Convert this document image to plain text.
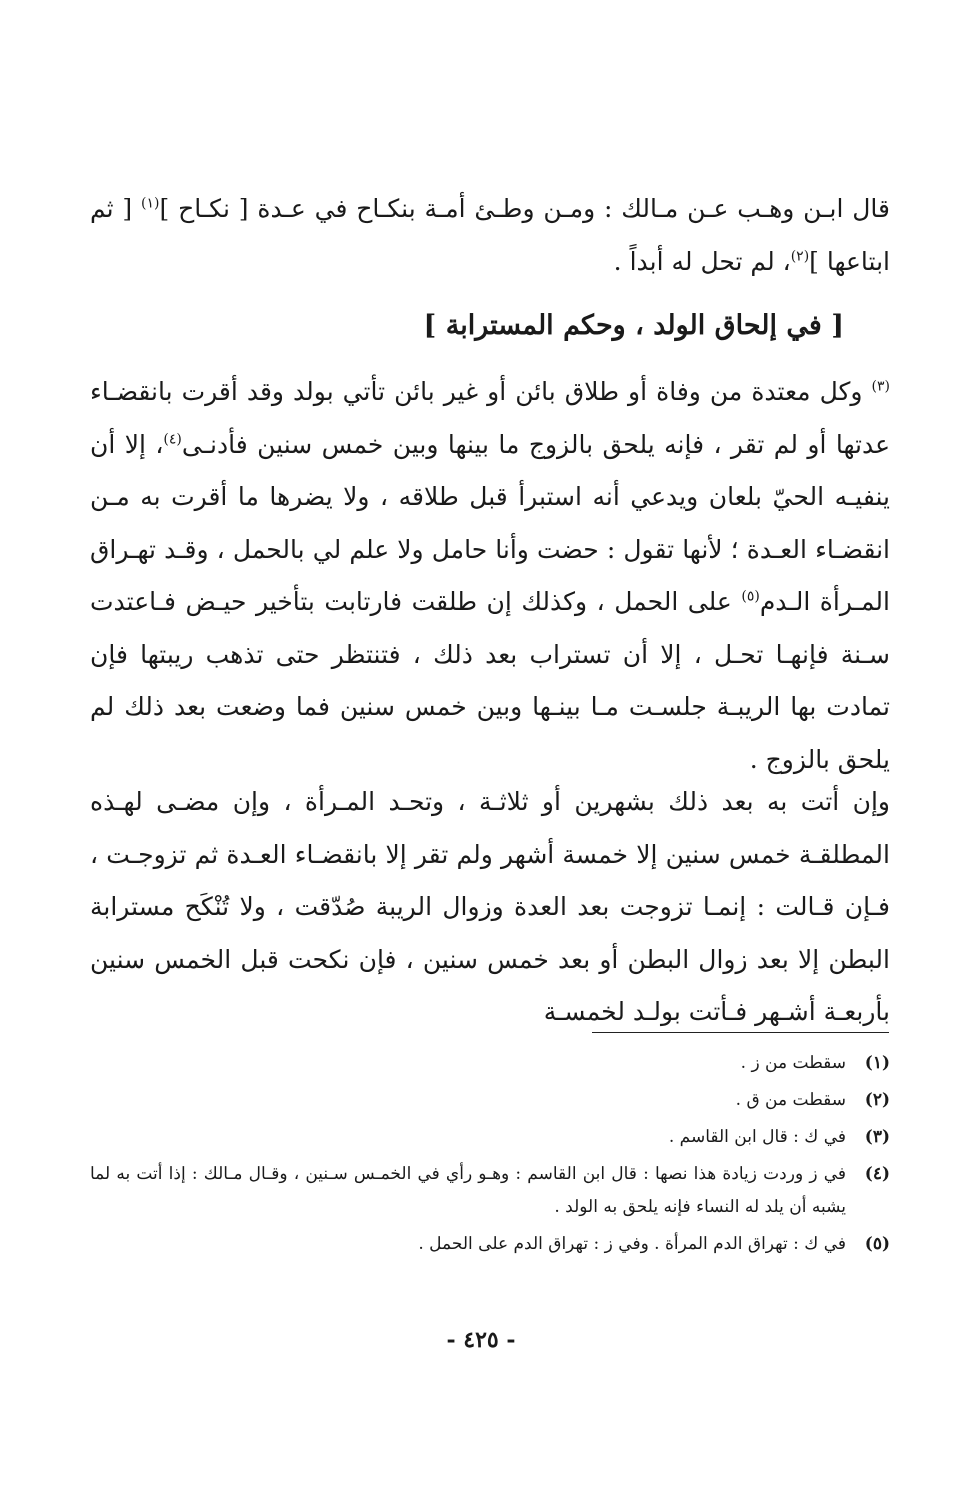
قال ابـن وهـب عـن مـالك : ومـن وطـئ أمـة بنكـاح في عـدة [ نكـاح ]$^{(١)}$ [ ثم ابتاعها ]$^{(٢)}$، لم تحل له أبداً .

[ في إلحاق الولد ، وحكم المسترابة ]

$^{(٣)}$ وكل معتدة من وفاة أو طلاق بائن أو غير بائن تأتي بولد وقد أقرت بانقضـاء عدتها أو لم تقر ، فإنه يلحق بالزوج ما بينها وبين خمس سنين فأدنـى$^{(٤)}$، إلا أن ينفيـه الحيّ بلعان ويدعي أنه استبرأ قبل طلاقه ، ولا يضرها ما أقرت به مـن انقضـاء العـدة ؛ لأنها تقول : حضت وأنا حامل ولا علم لي بالحمل ، وقـد تهـراق المـرأة الـدم$^{(٥)}$ على الحمل ، وكذلك إن طلقت فارتابت بتأخير حيـض فـاعتدت سـنة فإنهـا تحـل ، إلا أن تستراب بعد ذلك ، فتنتظر حتى تذهب ريبتها فإن تمادت بها الريبـة جلسـت مـا بينـها وبين خمس سنين فما وضعت بعد ذلك لم يلحق بالزوج .

وإن أتت به بعد ذلك بشهرين أو ثلاثـة ، وتحـد المـرأة ، وإن مضـى لهـذه المطلقـة خمس سنين إلا خمسة أشهر ولم تقر إلا بانقضـاء العـدة ثم تزوجـت ، فـإن قـالت : إنمـا تزوجت بعد العدة وزوال الريبة صُدّقت ، ولا تُنْكَح مسترابة البطن إلا بعد زوال البطن أو بعد خمس سنين ، فإن نكحت قبل الخمس سنين بأربعـة أشـهر فـأتت بولـد لخمسـة

(١)
سقطت من ز .
(٢)
سقطت من ق .
(٣)
في ك : قال ابن القاسم .
(٤)
في ز وردت زيادة هذا نصها : قال ابن القاسم : وهـو رأي في الخمـس سـنين ، وقـال مـالك : إذا أتت به لما يشبه أن يلد له النساء فإنه يلحق به الولد .
(٥)
في ك : تهراق الدم المرأة . وفي ز : تهراق الدم على الحمل .
- ٤٢٥ -
